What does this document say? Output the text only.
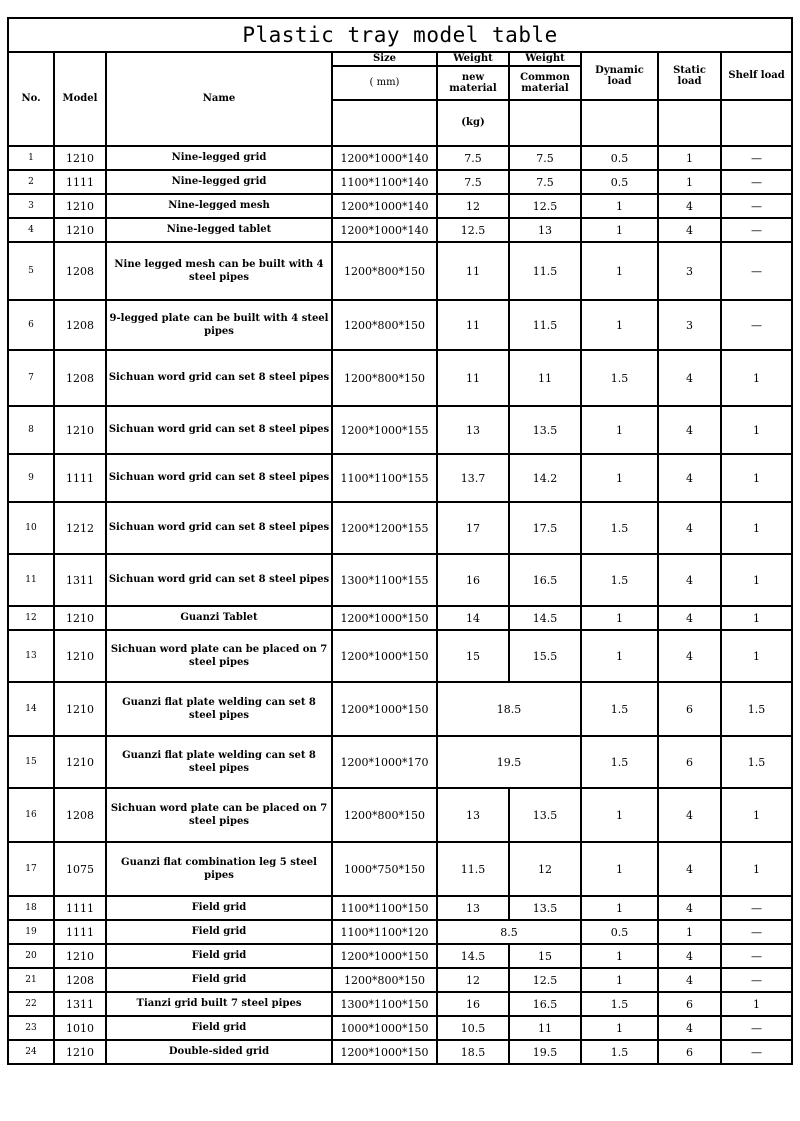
Plastic tray model table								
No.	Model	Name	Size	Weight	Weight	Dynamic load	Static load	Shelf load
			( mm)	new material	Common material			
				(kg)				
1	1210	Nine-legged grid	1200*1000*140	7.5	7.5	0.5	1	—
2	1111	Nine-legged grid	1100*1100*140	7.5	7.5	0.5	1	—
3	1210	Nine-legged mesh	1200*1000*140	12	12.5	1	4	—
4	1210	Nine-legged tablet	1200*1000*140	12.5	13	1	4	—
5	1208	Nine legged mesh can be built with 4 steel pipes	1200*800*150	11	11.5	1	3	—
6	1208	9-legged plate can be built with 4 steel pipes	1200*800*150	11	11.5	1	3	—
7	1208	Sichuan word grid can set 8 steel pipes	1200*800*150	11	11	1.5	4	1
8	1210	Sichuan word grid can set 8 steel pipes	1200*1000*155	13	13.5	1	4	1
9	1111	Sichuan word grid can set 8 steel pipes	1100*1100*155	13.7	14.2	1	4	1
10	1212	Sichuan word grid can set 8 steel pipes	1200*1200*155	17	17.5	1.5	4	1
11	1311	Sichuan word grid can set 8 steel pipes	1300*1100*155	16	16.5	1.5	4	1
12	1210	Guanzi Tablet	1200*1000*150	14	14.5	1	4	1
13	1210	Sichuan word plate can be placed on 7 steel pipes	1200*1000*150	15	15.5	1	4	1
14	1210	Guanzi flat plate welding can set 8 steel pipes	1200*1000*150	18.5		1.5	6	1.5
15	1210	Guanzi flat plate welding can set 8 steel pipes	1200*1000*170	19.5		1.5	6	1.5
16	1208	Sichuan word plate can be placed on 7 steel pipes	1200*800*150	13	13.5	1	4	1
17	1075	Guanzi flat combination leg 5 steel pipes	1000*750*150	11.5	12	1	4	1
18	1111	Field grid	1100*1100*150	13	13.5	1	4	—
19	1111	Field grid	1100*1100*120	8.5		0.5	1	—
20	1210	Field grid	1200*1000*150	14.5	15	1	4	—
21	1208	Field grid	1200*800*150	12	12.5	1	4	—
22	1311	Tianzi grid built 7 steel pipes	1300*1100*150	16	16.5	1.5	6	1
23	1010	Field grid	1000*1000*150	10.5	11	1	4	—
24	1210	Double-sided grid	1200*1000*150	18.5	19.5	1.5	6	—
